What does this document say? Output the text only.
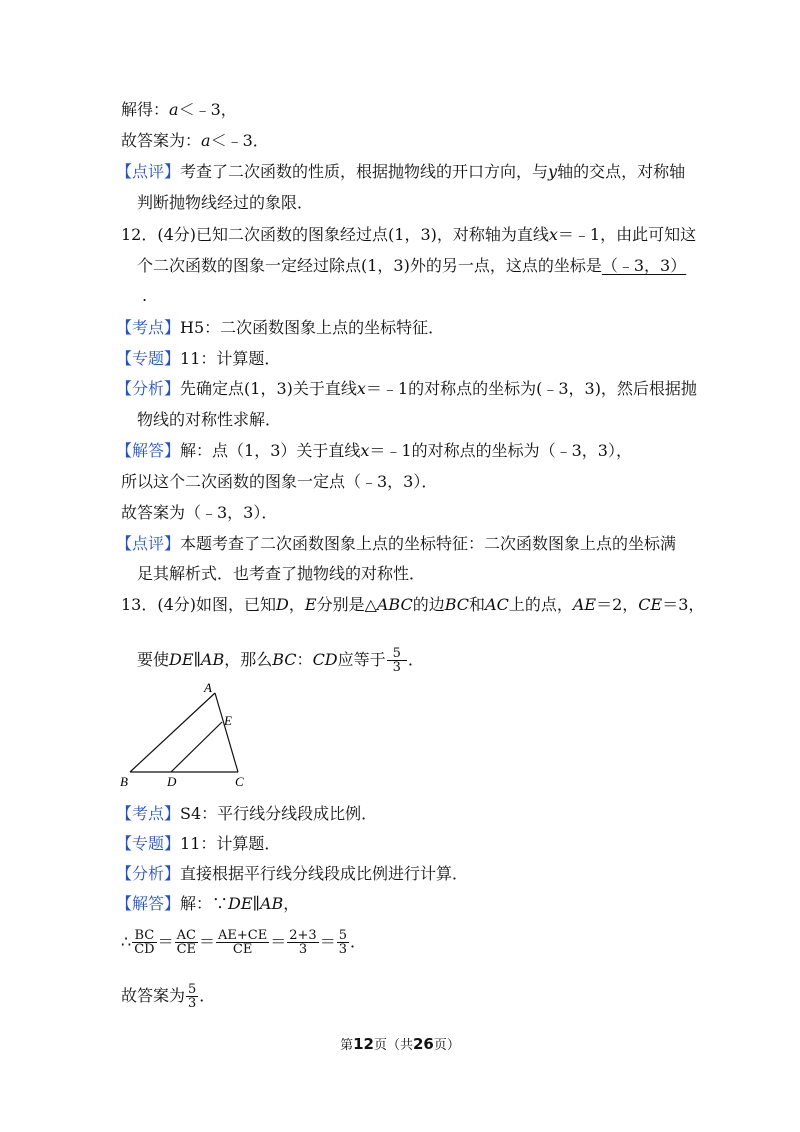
解得：a＜﹣3，
故答案为：a＜﹣3．
【点评】考查了二次函数的性质，根据抛物线的开口方向，与y轴的交点，对称轴
判断抛物线经过的象限．
12．(4分)已知二次函数的图象经过点(1，3)，对称轴为直线x＝﹣1，由此可知这
个二次函数的图象一定经过除点(1，3)外的另一点，这点的坐标是（﹣3，3）
.
【考点】H5：二次函数图象上点的坐标特征．
【专题】11：计算题．
【分析】先确定点(1，3)关于直线x＝﹣1的对称点的坐标为(﹣3，3)，然后根据抛
物线的对称性求解．
【解答】解：点（1，3）关于直线x＝﹣1的对称点的坐标为（﹣3，3），
所以这个二次函数的图象一定点（﹣3，3）．
故答案为（﹣3，3）．
【点评】本题考查了二次函数图象上点的坐标特征：二次函数图象上点的坐标满
足其解析式．也考查了抛物线的对称性．
13．(4分)如图，已知D，E分别是△ABC的边BC和AC上的点，AE＝2，CE＝3，
要使DE∥AB，那么BC：CD应等于 $\frac{5}{3}$ ．
A
B	C
D
E
【考点】S4：平行线分线段成比例．
【专题】11：计算题．
【分析】直接根据平行线分线段成比例进行计算．
【解答】解：∵DE∥AB，
∴ $\frac{BC}{CD} = \frac{AC}{CE} = \frac{AE+CE}{CE} = \frac{2+3}{3} = \frac{5}{3}$ ．
故答案为 $\frac{5}{3}$ ．
第12页（共26页）
